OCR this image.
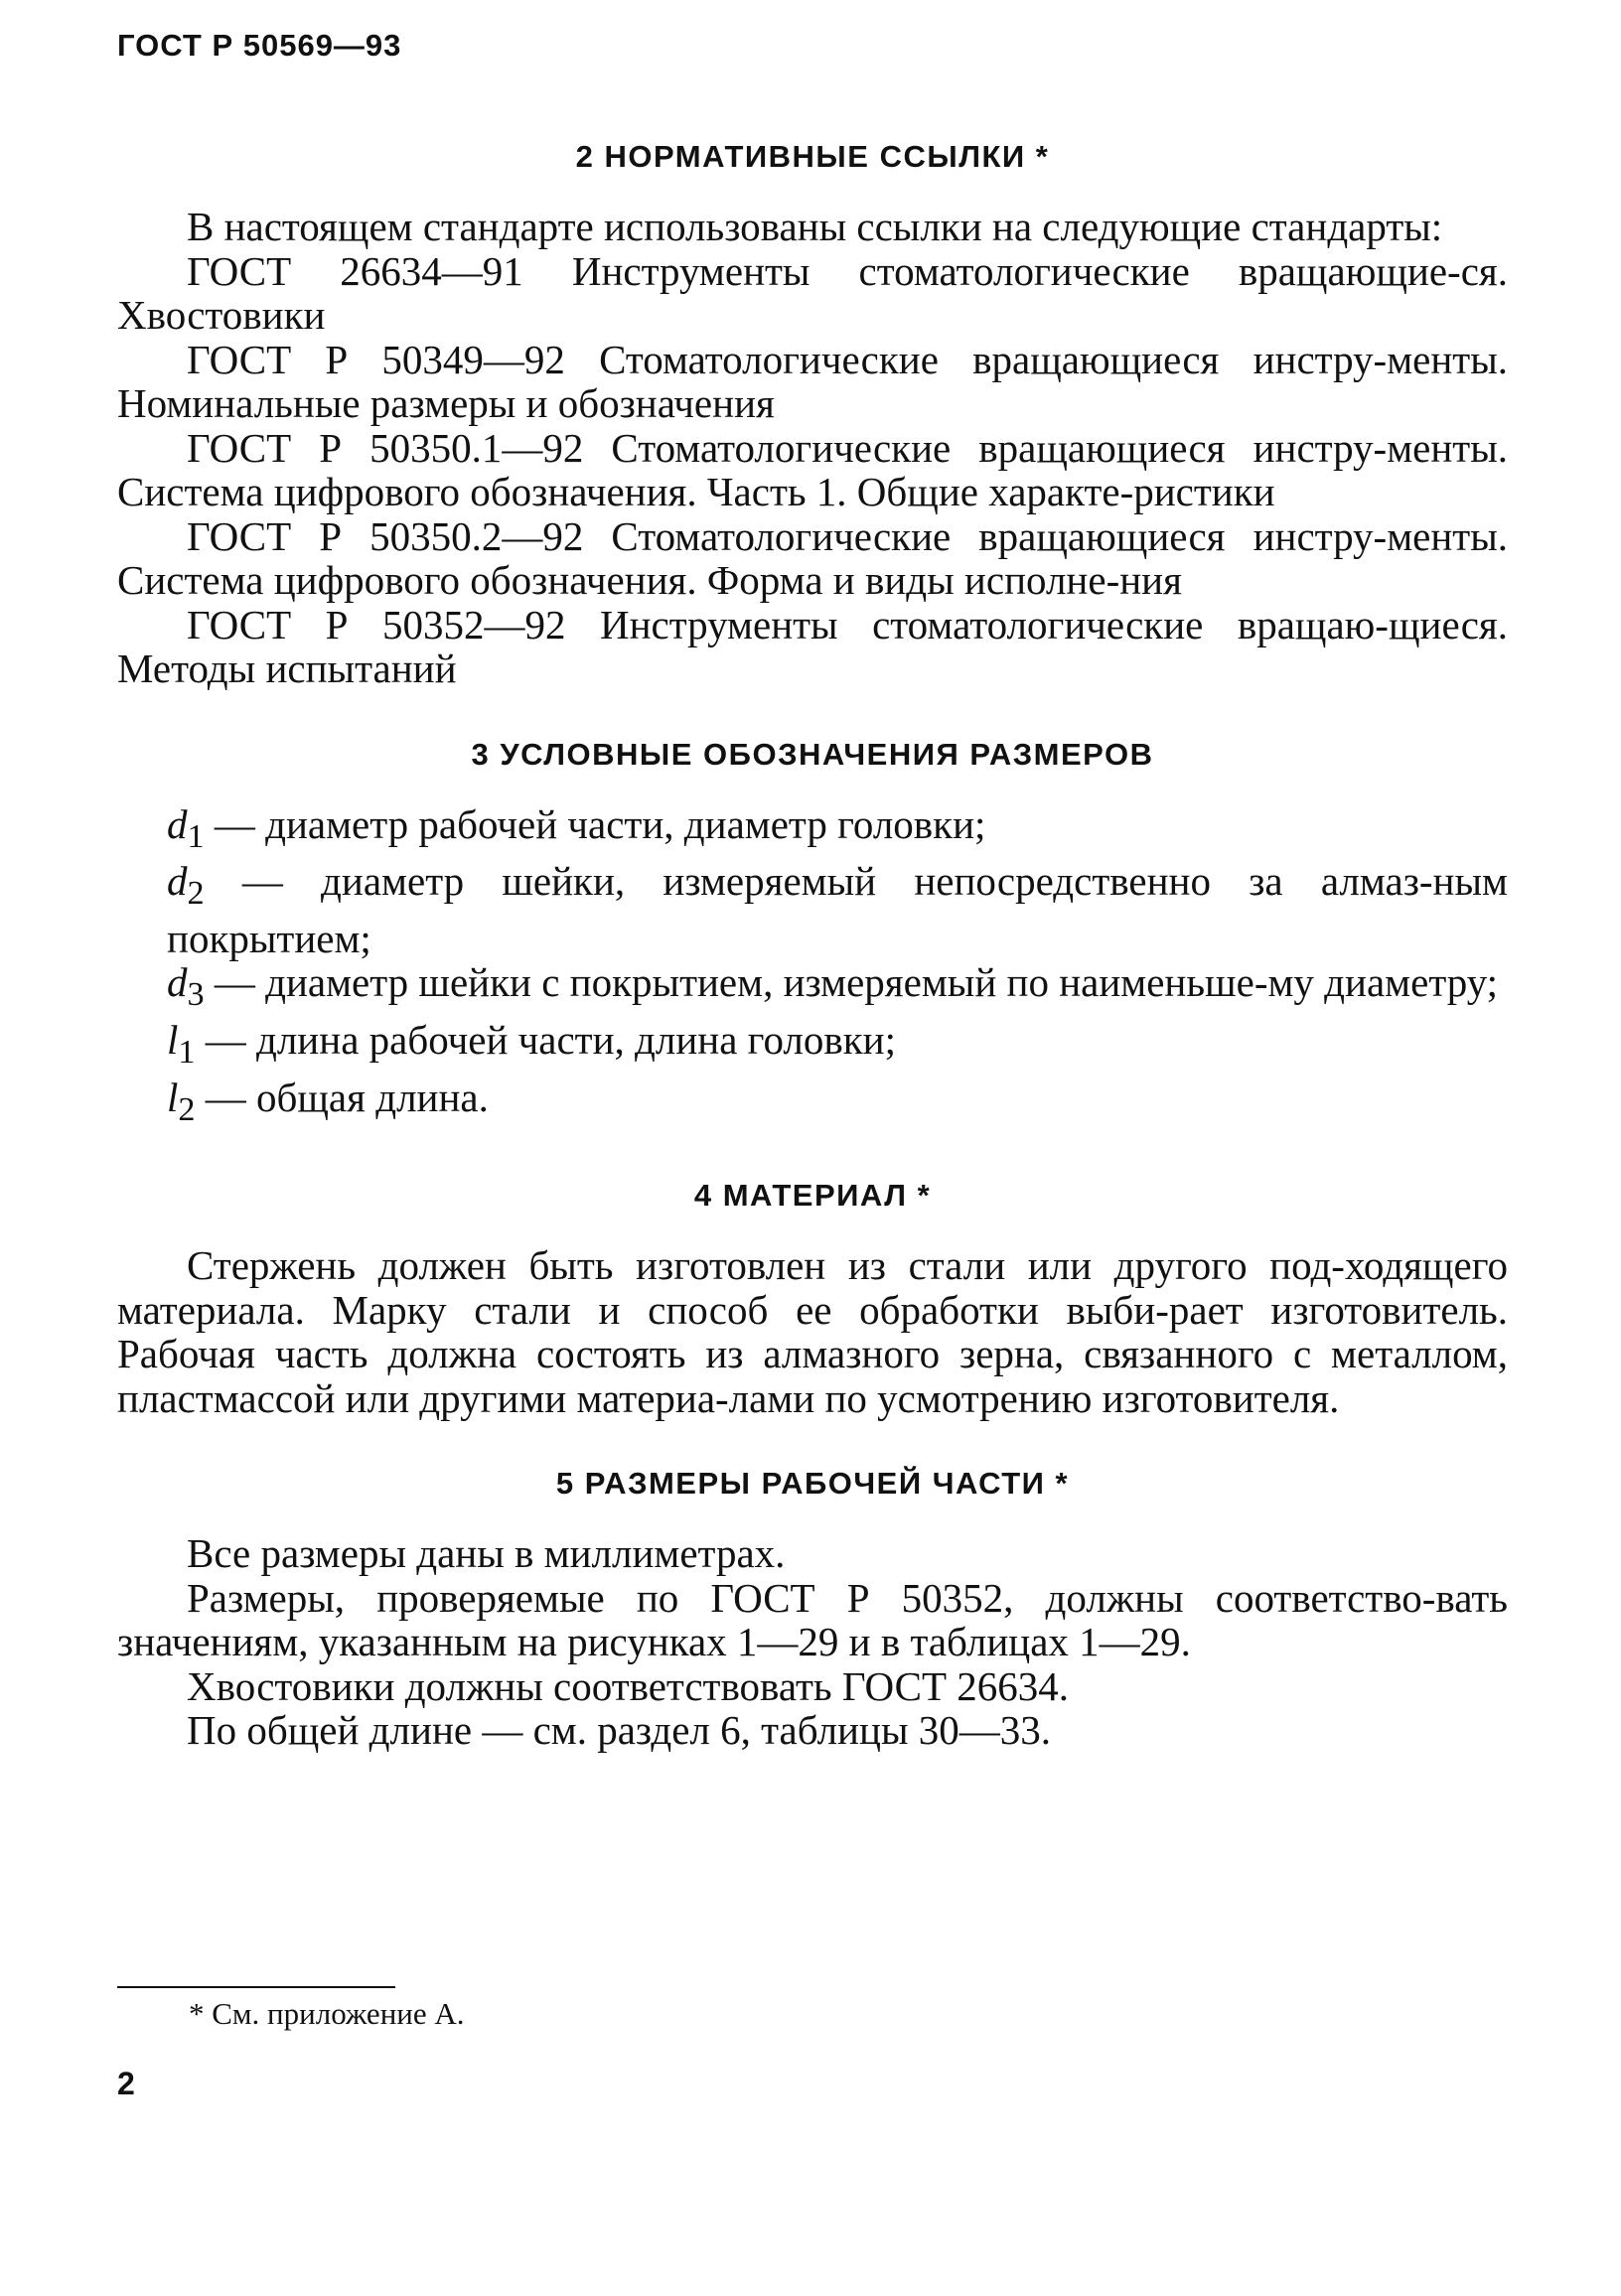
ГОСТ Р 50569—93
2 НОРМАТИВНЫЕ ССЫЛКИ *

В настоящем стандарте использованы ссылки на следующие стандарты:

ГОСТ 26634—91 Инструменты стоматологические вращающие-ся. Хвостовики

ГОСТ Р 50349—92 Стоматологические вращающиеся инстру-менты. Номинальные размеры и обозначения

ГОСТ Р 50350.1—92 Стоматологические вращающиеся инстру-менты. Система цифрового обозначения. Часть 1. Общие характе-ристики

ГОСТ Р 50350.2—92 Стоматологические вращающиеся инстру-менты. Система цифрового обозначения. Форма и виды исполне-ния

ГОСТ Р 50352—92 Инструменты стоматологические вращаю-щиеся. Методы испытаний

3 УСЛОВНЫЕ ОБОЗНАЧЕНИЯ РАЗМЕРОВ

$d_1$ — диаметр рабочей части, диаметр головки;

$d_2$ — диаметр шейки, измеряемый непосредственно за алмаз-ным покрытием;

$d_3$ — диаметр шейки с покрытием, измеряемый по наименьше-му диаметру;

$l_1$ — длина рабочей части, длина головки;

$l_2$ — общая длина.

4 МАТЕРИАЛ *

Стержень должен быть изготовлен из стали или другого под-ходящего материала. Марку стали и способ ее обработки выби-рает изготовитель. Рабочая часть должна состоять из алмазного зерна, связанного с металлом, пластмассой или другими материа-лами по усмотрению изготовителя.

5 РАЗМЕРЫ РАБОЧЕЙ ЧАСТИ *

Все размеры даны в миллиметрах.

Размеры, проверяемые по ГОСТ Р 50352, должны соответство-вать значениям, указанным на рисунках 1—29 и в таблицах 1—29.

Хвостовики должны соответствовать ГОСТ 26634.

По общей длине — см. раздел 6, таблицы 30—33.

* См. приложение А.
2
